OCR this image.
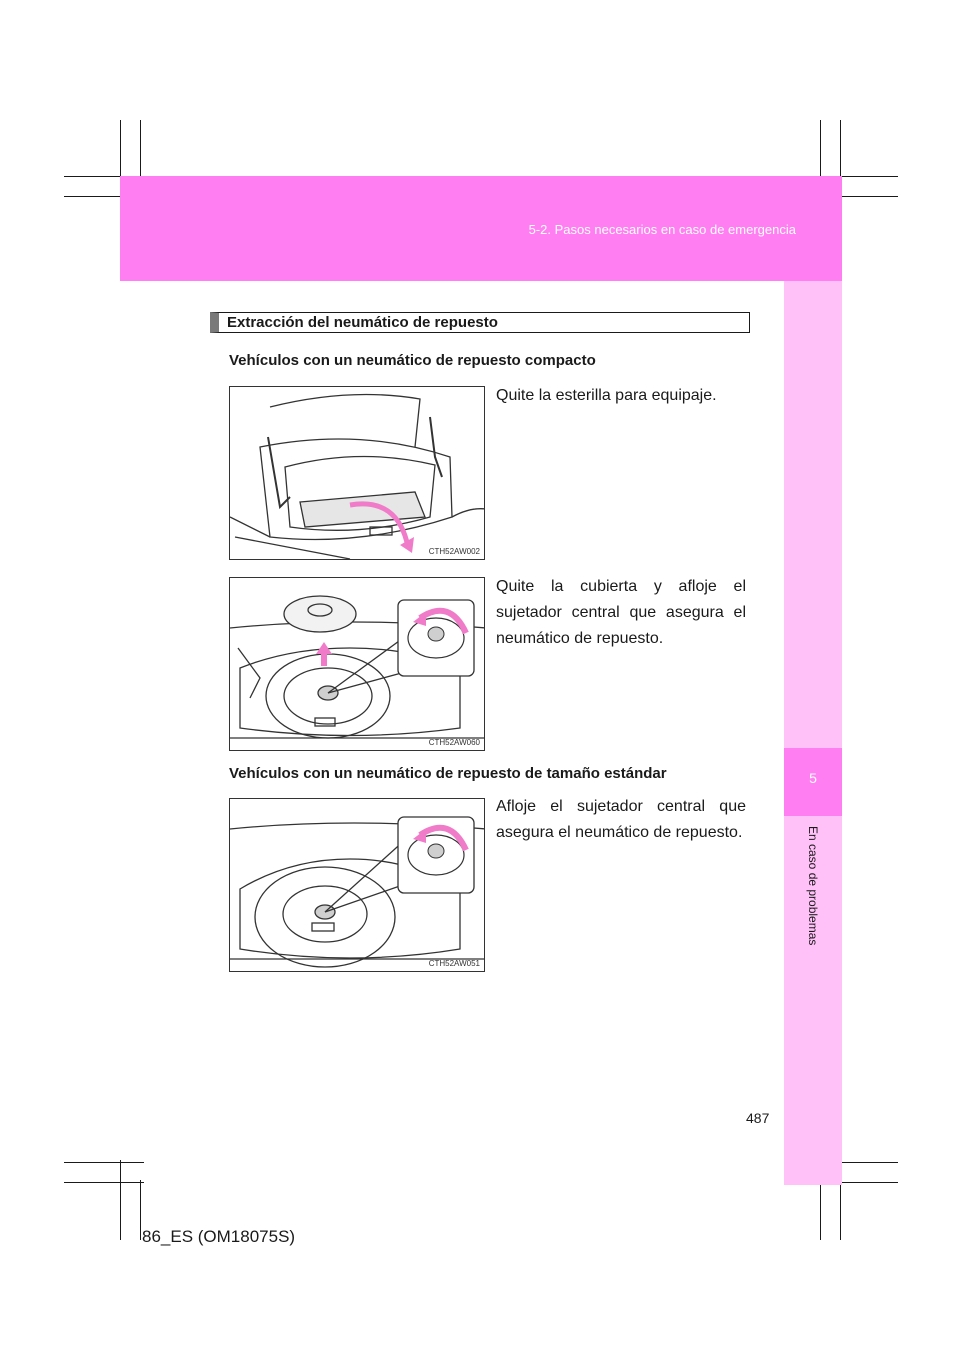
5-2. Pasos necesarios en caso de emergencia
5
En caso de problemas
Extracción del neumático de repuesto
Vehículos con un neumático de repuesto compacto
CTH52AW002
Quite la esterilla para equipaje.
CTH52AW060
Quite la cubierta y afloje el sujetador central que asegura el neumático de repuesto.
Vehículos con un neumático de repuesto de tamaño estándar
CTH52AW051
Afloje el sujetador central que asegura el neumático de repuesto.
487
86_ES (OM18075S)
